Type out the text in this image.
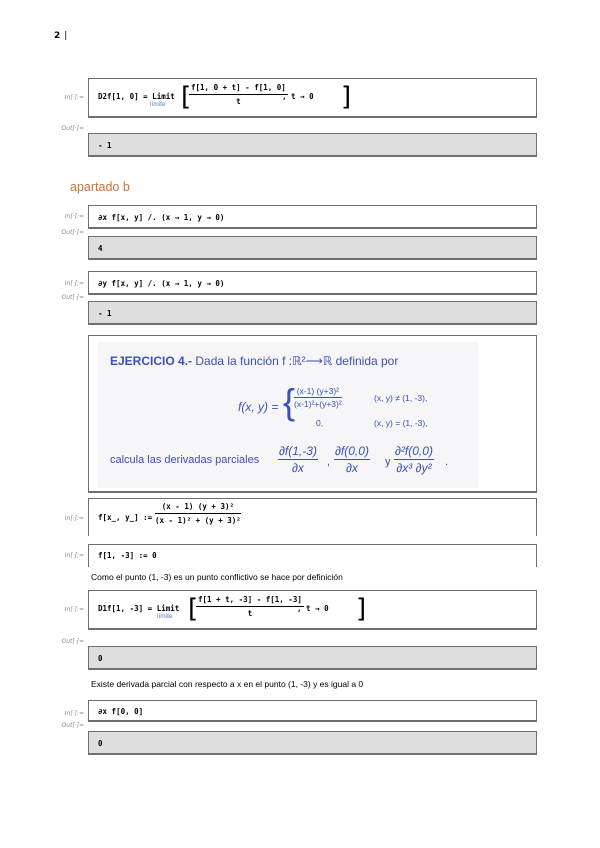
2 |
In[·]:= D2f[1, 0] = Limit
límite [
$\frac{f[1, 0 + t] - f[1, 0]}{t}$
, t → 0 ]
Out[·]=
- 1
apartado b
In[·]:= ∂x f[x, y] /. (x → 1, y → 0)
Out[·]=
4
In[·]:= ∂y f[x, y] /. (x → 1, y → 0)
Out[·]=
- 1
EJERCICIO 4.- Dada la función f :ℝ²⟶ℝ definida por
f(x, y) = {
$\frac{\text{(x-1) (y+3)²}}{\text{(x-1)²+(y+3)²}}$	(x, y) ≠ (1, -3),
0,	(x, y) = (1, -3),
calcula las derivadas parciales $\frac{\partial f(1,-3)}{\partial x}$ , $\frac{\partial f(0,0)}{\partial x}$ y $\frac{\text{∂²f(0,0)}}{\text{∂x³ ∂y²}}$ .
In[·]:= f[x_, y_] := $\frac{\text{(x - 1) (y + 3)²}}{\text{(x - 1)² + (y + 3)²}}$
In[·]:= f[1, -3] := 0
Como el punto (1, -3) es un punto conflictivo se hace por definición
In[·]:= D1f[1, -3] = Limit
límite [
$\frac{f[1 + t, -3] - f[1, -3]}{t}$
, t → 0 ]
Out[·]=
0
Existe derivada parcial con respecto a x en el punto (1, -3) y es igual a 0
In[·]:= ∂x f[0, 0]
Out[·]=
0
